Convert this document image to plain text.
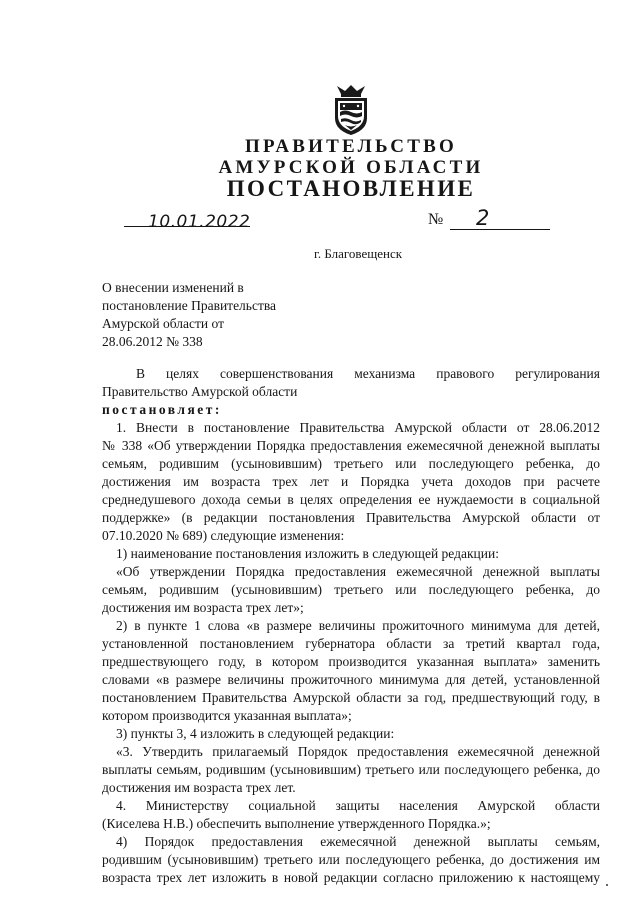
ПРАВИТЕЛЬСТВО
АМУРСКОЙ ОБЛАСТИ
ПОСТАНОВЛЕНИЕ
10.01.2022	№ 2
г. Благовещенск
О внесении изменений в
постановление Правительства
Амурской области от
28.06.2012 № 338
В целях совершенствования механизма правового регулирования
Правительство Амурской области
постановляет:
1. Внести в постановление Правительства Амурской области от 28.06.2012
№ 338 «Об утверждении Порядка предоставления ежемесячной денежной выплаты
семьям, родившим (усыновившим) третьего или последующего ребенка, до
достижения им возраста трех лет и Порядка учета доходов при расчете
среднедушевого дохода семьи в целях определения ее нуждаемости в социальной
поддержке» (в редакции постановления Правительства Амурской области от
07.10.2020 № 689) следующие изменения:
1) наименование постановления изложить в следующей редакции:
«Об утверждении Порядка предоставления ежемесячной денежной выплаты
семьям, родившим (усыновившим) третьего или последующего ребенка, до
достижения им возраста трех лет»;
2) в пункте 1 слова «в размере величины прожиточного минимума для детей,
установленной постановлением губернатора области за третий квартал года,
предшествующего году, в котором производится указанная выплата» заменить
словами «в размере величины прожиточного минимума для детей, установленной
постановлением Правительства Амурской области за год, предшествующий году, в
котором производится указанная выплата»;
3) пункты 3, 4 изложить в следующей редакции:
«3. Утвердить прилагаемый Порядок предоставления ежемесячной денежной
выплаты семьям, родившим (усыновившим) третьего или последующего ребенка, до
достижения им возраста трех лет.
4. Министерству социальной защиты населения Амурской области
(Киселева Н.В.) обеспечить выполнение утвержденного Порядка.»;
4) Порядок предоставления ежемесячной денежной выплаты семьям,
родившим (усыновившим) третьего или последующего ребенка, до достижения им
возраста трех лет изложить в новой редакции согласно приложению к настоящему
